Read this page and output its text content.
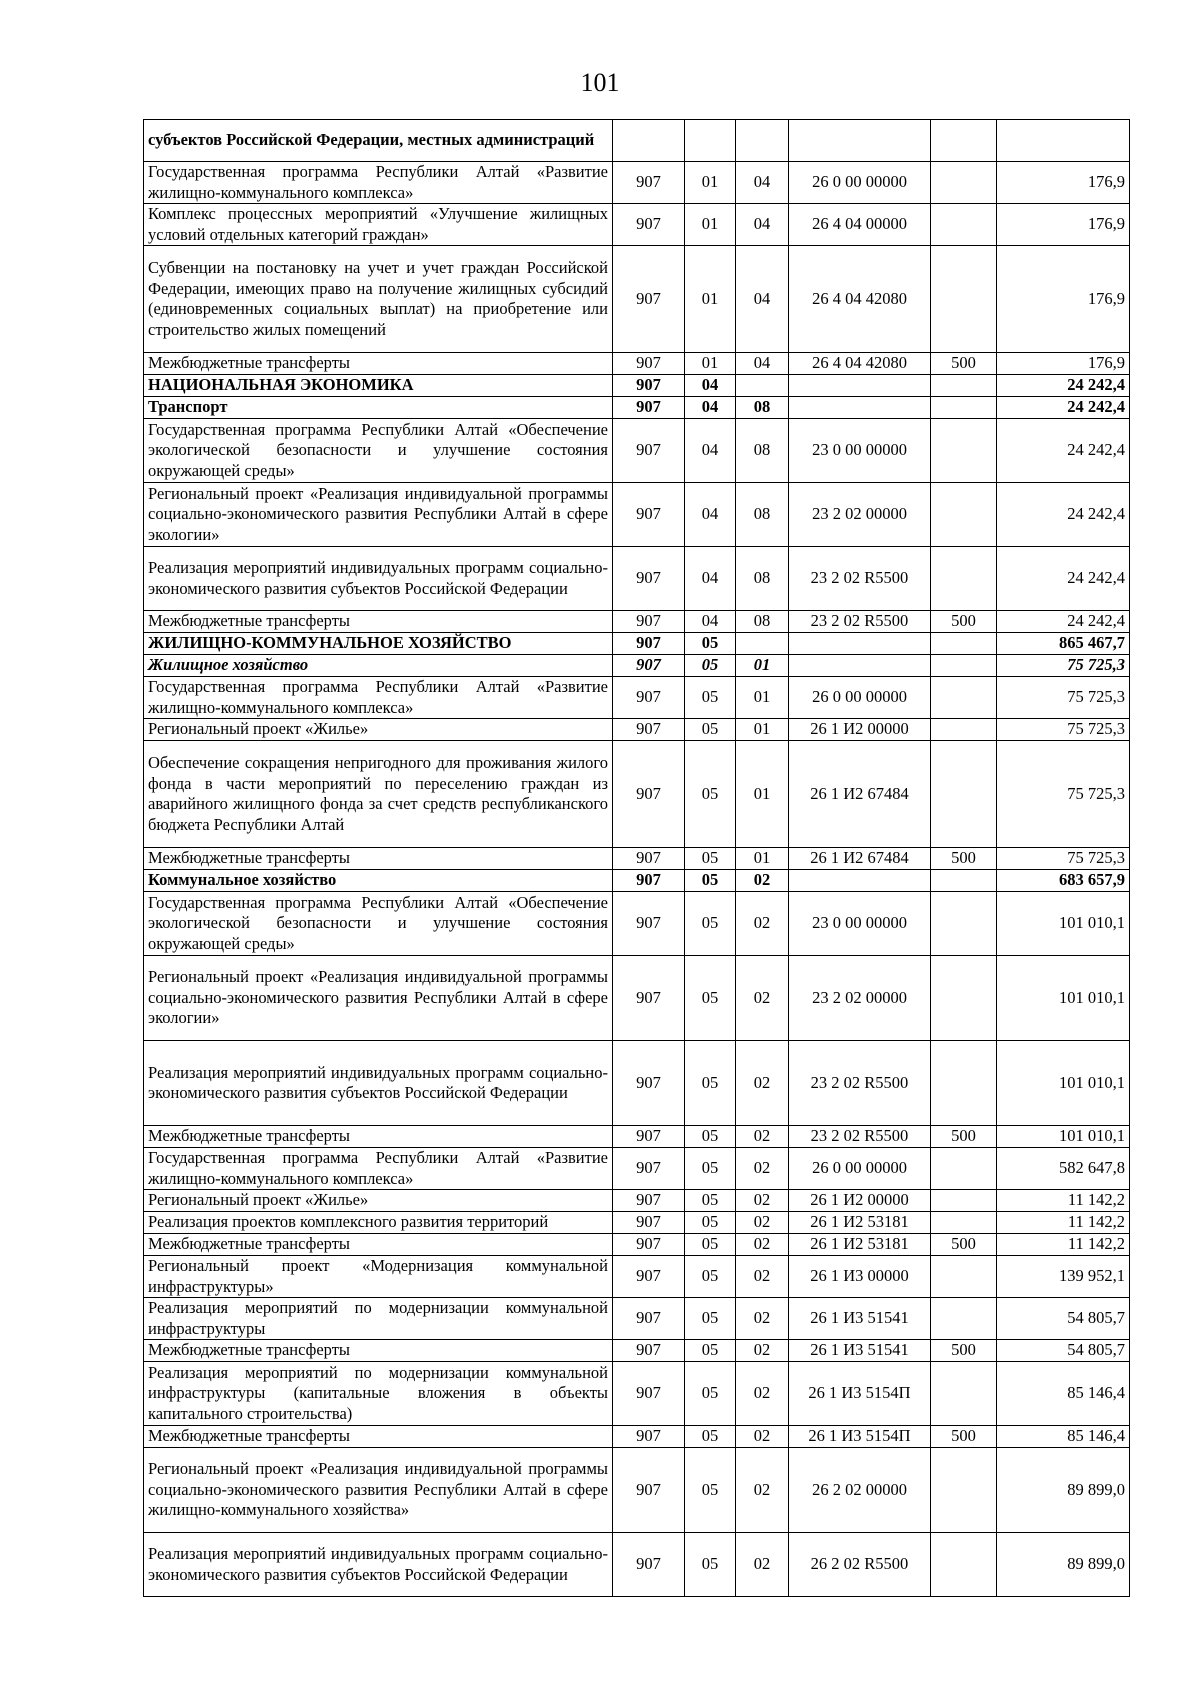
101
субъектов Российской Федерации, местных администраций						
Государственная программа Республики Алтай «Развитие жилищно-коммунального комплекса»	907	01	04	26 0 00 00000		176,9
Комплекс процессных мероприятий «Улучшение жилищных условий отдельных категорий граждан»	907	01	04	26 4 04 00000		176,9
Субвенции на постановку на учет и учет граждан Российской Федерации, имеющих право на получение жилищных субсидий (единовременных социальных выплат) на приобретение или строительство жилых помещений	907	01	04	26 4 04 42080		176,9
Межбюджетные трансферты	907	01	04	26 4 04 42080	500	176,9
НАЦИОНАЛЬНАЯ ЭКОНОМИКА	907	04				24 242,4
Транспорт	907	04	08			24 242,4
Государственная программа Республики Алтай «Обеспечение экологической безопасности и улучшение состояния окружающей среды»	907	04	08	23 0 00 00000		24 242,4
Региональный проект «Реализация индивидуальной программы социально-экономического развития Республики Алтай в сфере экологии»	907	04	08	23 2 02 00000		24 242,4
Реализация мероприятий индивидуальных программ социально-экономического развития субъектов Российской Федерации	907	04	08	23 2 02 R5500		24 242,4
Межбюджетные трансферты	907	04	08	23 2 02 R5500	500	24 242,4
ЖИЛИЩНО-КОММУНАЛЬНОЕ ХОЗЯЙСТВО	907	05				865 467,7
Жилищное хозяйство	907	05	01			75 725,3
Государственная программа Республики Алтай «Развитие жилищно-коммунального комплекса»	907	05	01	26 0 00 00000		75 725,3
Региональный проект «Жилье»	907	05	01	26 1 И2 00000		75 725,3
Обеспечение сокращения непригодного для проживания жилого фонда в части мероприятий по переселению граждан из аварийного жилищного фонда за счет средств республиканского бюджета Республики Алтай	907	05	01	26 1 И2 67484		75 725,3
Межбюджетные трансферты	907	05	01	26 1 И2 67484	500	75 725,3
Коммунальное хозяйство	907	05	02			683 657,9
Государственная программа Республики Алтай «Обеспечение экологической безопасности и улучшение состояния окружающей среды»	907	05	02	23 0 00 00000		101 010,1
Региональный проект «Реализация индивидуальной программы социально-экономического развития Республики Алтай в сфере экологии»	907	05	02	23 2 02 00000		101 010,1
Реализация мероприятий индивидуальных программ социально-экономического развития субъектов Российской Федерации	907	05	02	23 2 02 R5500		101 010,1
Межбюджетные трансферты	907	05	02	23 2 02 R5500	500	101 010,1
Государственная программа Республики Алтай «Развитие жилищно-коммунального комплекса»	907	05	02	26 0 00 00000		582 647,8
Региональный проект «Жилье»	907	05	02	26 1 И2 00000		11 142,2
Реализация проектов комплексного развития территорий	907	05	02	26 1 И2 53181		11 142,2
Межбюджетные трансферты	907	05	02	26 1 И2 53181	500	11 142,2
Региональный проект «Модернизация коммунальной инфраструктуры»	907	05	02	26 1 И3 00000		139 952,1
Реализация мероприятий по модернизации коммунальной инфраструктуры	907	05	02	26 1 И3 51541		54 805,7
Межбюджетные трансферты	907	05	02	26 1 И3 51541	500	54 805,7
Реализация мероприятий по модернизации коммунальной инфраструктуры (капитальные вложения в объекты капитального строительства)	907	05	02	26 1 И3 5154П		85 146,4
Межбюджетные трансферты	907	05	02	26 1 И3 5154П	500	85 146,4
Региональный проект «Реализация индивидуальной программы социально-экономического развития Республики Алтай в сфере жилищно-коммунального хозяйства»	907	05	02	26 2 02 00000		89 899,0
Реализация мероприятий индивидуальных программ социально-экономического развития субъектов Российской Федерации	907	05	02	26 2 02 R5500		89 899,0
